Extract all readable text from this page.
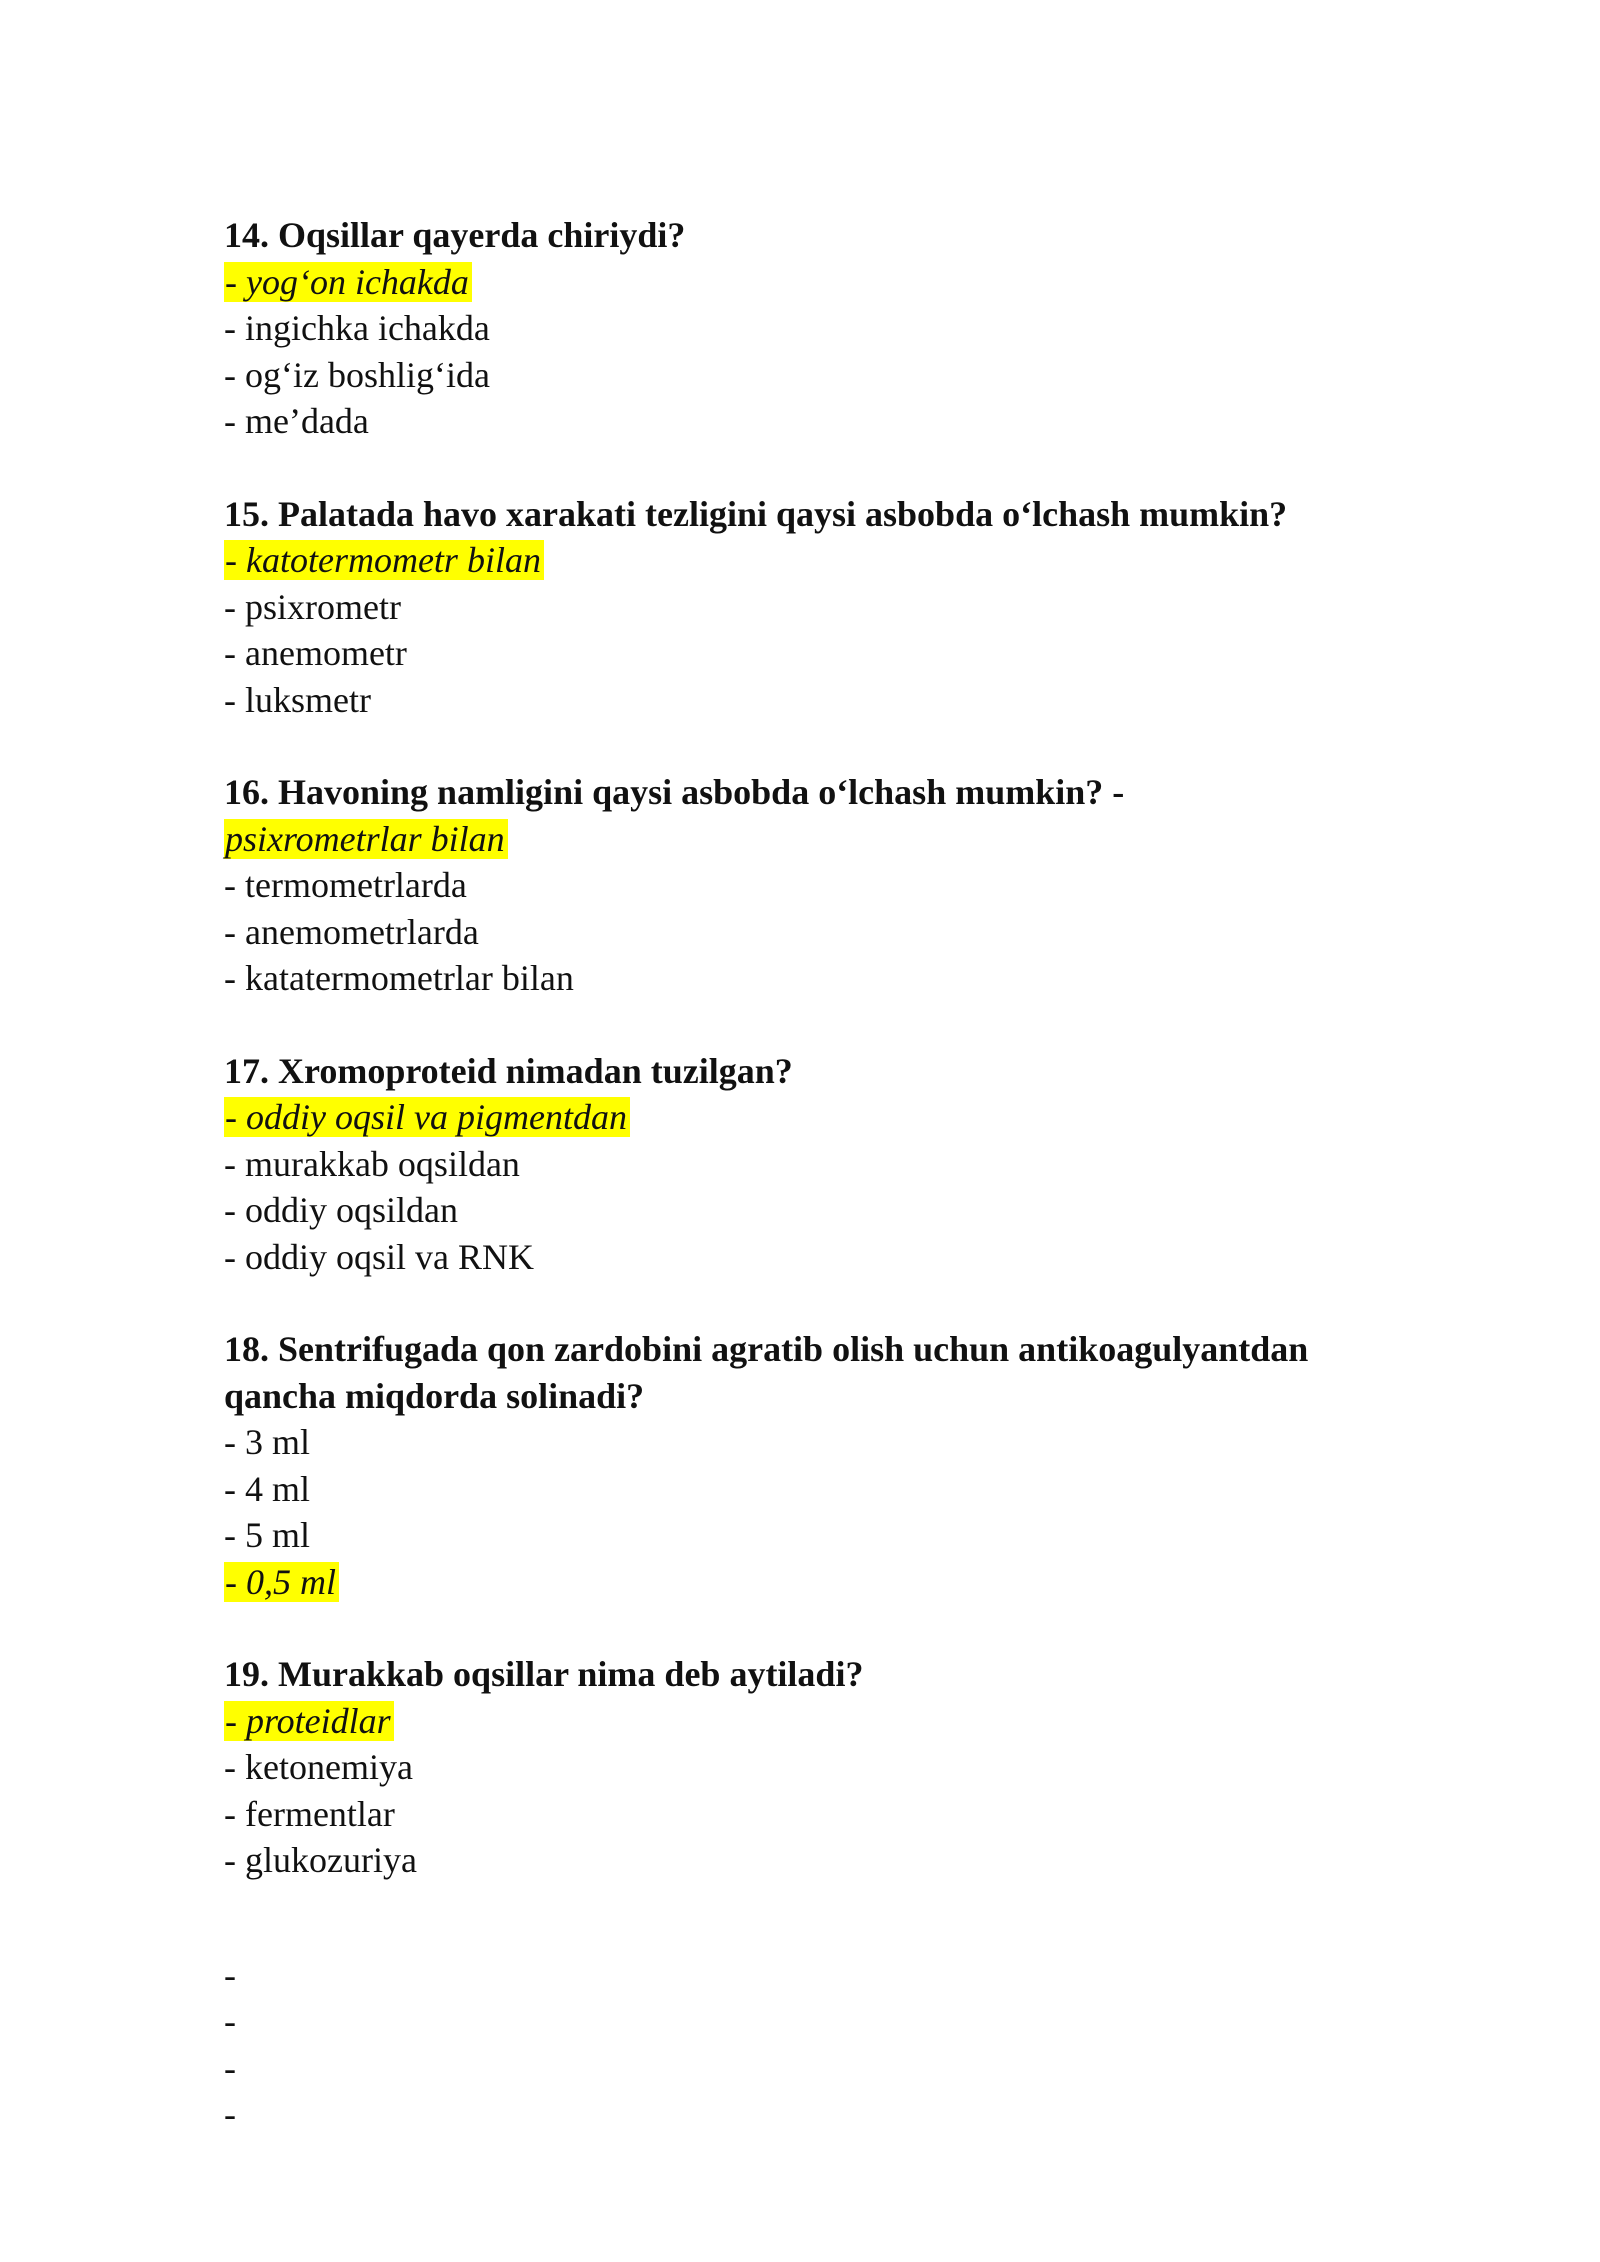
14. Oqsillar qayerda chiriydi?
- yog‘on ichakda
- ingichka ichakda
- og‘iz boshlig‘ida
- me’dada
15. Palatada havo xarakati tezligini qaysi asbobda o‘lchash mumkin?
- katotermometr bilan
- psixrometr
- anemometr
- luksmetr
16. Havoning namligini qaysi asbobda o‘lchash mumkin? -
psixrometrlar bilan
- termometrlarda
- anemometrlarda
- katatermometrlar bilan
17. Xromoproteid nimadan tuzilgan?
- oddiy oqsil va pigmentdan
- murakkab oqsildan
- oddiy oqsildan
- oddiy oqsil va RNK
18. Sentrifugada qon zardobini agratib olish uchun antikoagulyantdan qancha miqdorda solinadi?
- 3 ml
- 4 ml
- 5 ml
- 0,5 ml
19. Murakkab oqsillar nima deb aytiladi?
- proteidlar
- ketonemiya
- fermentlar
- glukozuriya
-
-
-
-
